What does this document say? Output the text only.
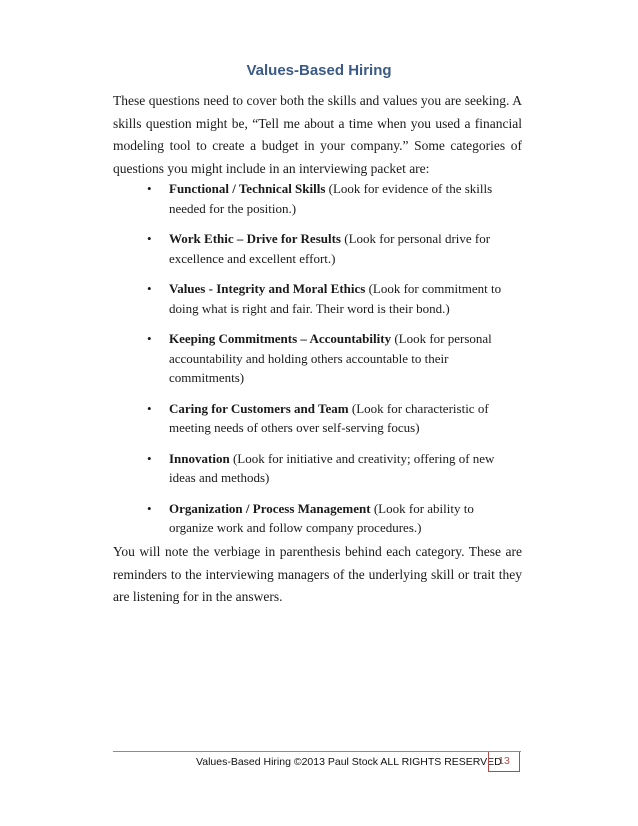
Values-Based Hiring

These questions need to cover both the skills and values you are seeking. A skills question might be, “Tell me about a time when you used a financial modeling tool to create a budget in your company.” Some categories of questions you might include in an interviewing packet are:

• Functional / Technical Skills (Look for evidence of the skills needed for the position.)
• Work Ethic – Drive for Results (Look for personal drive for excellence and excellent effort.)
• Values - Integrity and Moral Ethics (Look for commitment to doing what is right and fair. Their word is their bond.)
• Keeping Commitments – Accountability (Look for personal accountability and holding others accountable to their commitments)
• Caring for Customers and Team (Look for characteristic of meeting needs of others over self-serving focus)
• Innovation (Look for initiative and creativity; offering of new ideas and methods)
• Organization / Process Management (Look for ability to organize work and follow company procedures.)

You will note the verbiage in parenthesis behind each category. These are reminders to the interviewing managers of the underlying skill or trait they are listening for in the answers.

Values-Based Hiring ©2013 Paul Stock ALL RIGHTS RESERVED
13
